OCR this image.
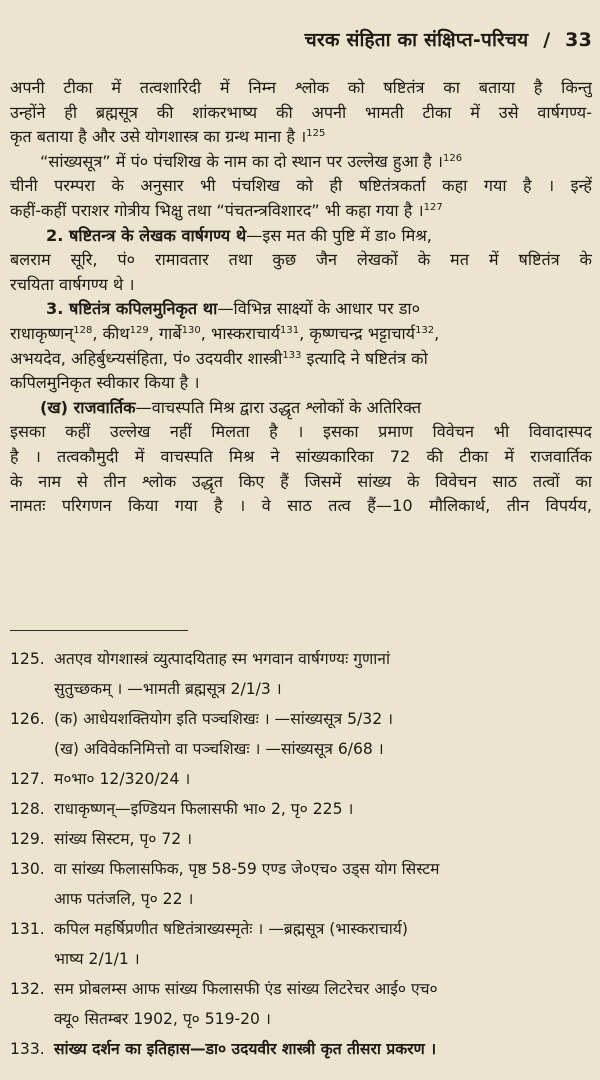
चरक संहिता का संक्षिप्त-परिचय / 33
अपनी टीका में तत्वशारिदी में निम्न श्लोक को षष्टितंत्र का बताया है किन्तु
उन्होंने ही ब्रह्मसूत्र की शांकरभाष्य की अपनी भामती टीका में उसे वार्षगण्य-
कृत बताया है और उसे योगशास्त्र का ग्रन्थ माना है ।$^{125}$
“सांख्यसूत्र” में पं० पंचशिख के नाम का दो स्थान पर उल्लेख हुआ है ।$^{126}$
चीनी परम्परा के अनुसार भी पंचशिख को ही षष्टितंत्रकर्ता कहा गया है । इन्हें
कहीं-कहीं पराशर गोत्रीय भिक्षु तथा “पंचतन्त्रविशारद” भी कहा गया है ।$^{127}$
2. षष्टितन्त्र के लेखक वार्षगण्य थे—इस मत की पुष्टि में डा० मिश्र,
बलराम सूरि, पं० रामावतार तथा कुछ जैन लेखकों के मत में षष्टितंत्र के
रचयिता वार्षगण्य थे ।
3. षष्टितंत्र कपिलमुनिकृत था—विभिन्न साक्ष्यों के आधार पर डा०
राधाकृष्णन्$^{128}$, कीथ$^{129}$, गार्बे$^{130}$, भास्कराचार्य$^{131}$, कृष्णचन्द्र भट्टाचार्य$^{132}$,
अभयदेव, अहिर्बुध्न्यसंहिता, पं० उदयवीर शास्त्री$^{133}$ इत्यादि ने षष्टितंत्र को
कपिलमुनिकृत स्वीकार किया है ।
(ख) राजवार्तिक—वाचस्पति मिश्र द्वारा उद्धृत श्लोकों के अतिरिक्त
इसका कहीं उल्लेख नहीं मिलता है । इसका प्रमाण विवेचन भी विवादास्पद
है । तत्वकौमुदी में वाचस्पति मिश्र ने सांख्यकारिका 72 की टीका में राजवार्तिक
के नाम से तीन श्लोक उद्धृत किए हैं जिसमें सांख्य के विवेचन साठ तत्वों का
नामतः परिगणन किया गया है । वे साठ तत्व हैं—10 मौलिकार्थ, तीन विपर्यय,
125. अतएव योगशास्त्रं व्युत्पादयिताह स्म भगवान वार्षगण्यः गुणानां
सुतुच्छकम् । —भामती ब्रह्मसूत्र 2/1/3 ।
126. (क) आधेयशक्तियोग इति पञ्चशिखः । —सांख्यसूत्र 5/32 ।
(ख) अविवेकनिमित्तो वा पञ्चशिखः । —सांख्यसूत्र 6/68 ।
127. म०भा० 12/320/24 ।
128. राधाकृष्णन्—इण्डियन फिलासफी भा० 2, पृ० 225 ।
129. सांख्य सिस्टम, पृ० 72 ।
130. वा सांख्य फिलासफिक, पृष्ठ 58-59 एण्ड जे०एच० उड्स योग सिस्टम
आफ पतंजलि, पृ० 22 ।
131. कपिल महर्षिप्रणीत षष्टितंत्राख्यस्मृतेः । —ब्रह्मसूत्र (भास्कराचार्य)
भाष्य 2/1/1 ।
132. सम प्रोबलम्स आफ सांख्य फिलासफी एंड सांख्य लिटरेचर आई० एच०
क्यू० सितम्बर 1902, पृ० 519-20 ।
133. सांख्य दर्शन का इतिहास—डा० उदयवीर शास्त्री कृत तीसरा प्रकरण ।
